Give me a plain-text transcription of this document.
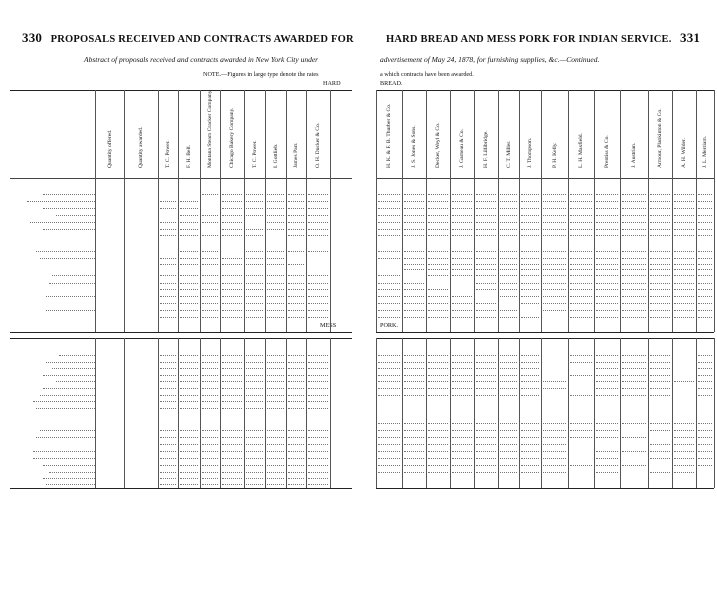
330 PROPOSALS RECEIVED AND CONTRACTS AWARDED FOR
Abstract of proposals received and contracts awarded in New York City under
NOTE.—Figures in large type denote the rates
HARD
MESS
Quantity offered.	Quantity awarded.	T. C. Power.	F. H. Bell.	Montana Steam Cracker Company.	Chicago Bakery Company.	T. C. Power.	I. Gottlieb.	James Parr.	O. H. Ducker & Co.
HARD BREAD AND MESS PORK FOR INDIAN SERVICE. 331
advertisement of May 24, 1878, for furnishing supplies, &c.—Continued.
a which contracts have been awarded.
BREAD.
PORK.
H. K. & F. B. Thurber & Co.	J. S. Jones & Sons.	Decker, Weyl & Co.	J. Garneau & Co.	H. F. Lillibridge.	C. T. Miller.	J. Thompson.	P. H. Kelly.	L. H. Maxfield.	Prentiss & Co.	J. Austrian.	Armour, Plankinton & Co.	A. H. Wilder.	J. L. Merriam.
